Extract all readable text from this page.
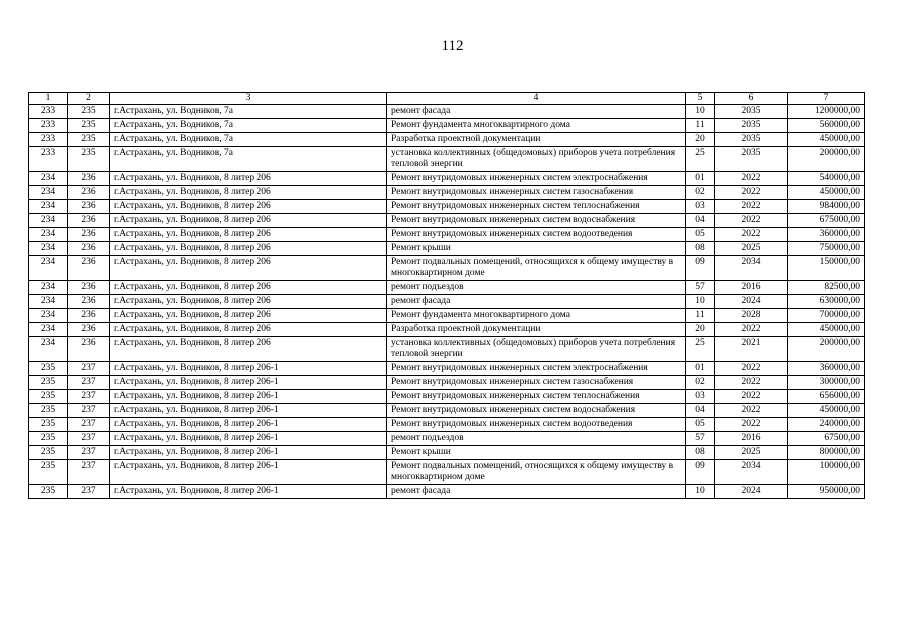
112
1	2	3	4	5	6	7
233	235	г.Астрахань, ул. Водников, 7а	ремонт фасада	10	2035	1200000,00
233	235	г.Астрахань, ул. Водников, 7а	Ремонт фундамента многоквартирного дома	11	2035	560000,00
233	235	г.Астрахань, ул. Водников, 7а	Разработка проектной документации	20	2035	450000,00
233	235	г.Астрахань, ул. Водников, 7а	установка коллективных (общедомовых) приборов учета потребления тепловой энергии	25	2035	200000,00
234	236	г.Астрахань, ул. Водников, 8 литер 206	Ремонт внутридомовых инженерных систем электроснабжения	01	2022	540000,00
234	236	г.Астрахань, ул. Водников, 8 литер 206	Ремонт внутридомовых инженерных систем газоснабжения	02	2022	450000,00
234	236	г.Астрахань, ул. Водников, 8 литер 206	Ремонт внутридомовых инженерных систем теплоснабжения	03	2022	984000,00
234	236	г.Астрахань, ул. Водников, 8 литер 206	Ремонт внутридомовых инженерных систем водоснабжения	04	2022	675000,00
234	236	г.Астрахань, ул. Водников, 8 литер 206	Ремонт внутридомовых инженерных систем водоотведения	05	2022	360000,00
234	236	г.Астрахань, ул. Водников, 8 литер 206	Ремонт крыши	08	2025	750000,00
234	236	г.Астрахань, ул. Водников, 8 литер 206	Ремонт подвальных помещений, относящихся к общему имуществу в многоквартирном доме	09	2034	150000,00
234	236	г.Астрахань, ул. Водников, 8 литер 206	ремонт подъездов	57	2016	82500,00
234	236	г.Астрахань, ул. Водников, 8 литер 206	ремонт фасада	10	2024	630000,00
234	236	г.Астрахань, ул. Водников, 8 литер 206	Ремонт фундамента многоквартирного дома	11	2028	700000,00
234	236	г.Астрахань, ул. Водников, 8 литер 206	Разработка проектной документации	20	2022	450000,00
234	236	г.Астрахань, ул. Водников, 8 литер 206	установка коллективных (общедомовых) приборов учета потребления тепловой энергии	25	2021	200000,00
235	237	г.Астрахань, ул. Водников, 8 литер 206-1	Ремонт внутридомовых инженерных систем электроснабжения	01	2022	360000,00
235	237	г.Астрахань, ул. Водников, 8 литер 206-1	Ремонт внутридомовых инженерных систем газоснабжения	02	2022	300000,00
235	237	г.Астрахань, ул. Водников, 8 литер 206-1	Ремонт внутридомовых инженерных систем теплоснабжения	03	2022	656000,00
235	237	г.Астрахань, ул. Водников, 8 литер 206-1	Ремонт внутридомовых инженерных систем водоснабжения	04	2022	450000,00
235	237	г.Астрахань, ул. Водников, 8 литер 206-1	Ремонт внутридомовых инженерных систем водоотведения	05	2022	240000,00
235	237	г.Астрахань, ул. Водников, 8 литер 206-1	ремонт подъездов	57	2016	67500,00
235	237	г.Астрахань, ул. Водников, 8 литер 206-1	Ремонт крыши	08	2025	800000,00
235	237	г.Астрахань, ул. Водников, 8 литер 206-1	Ремонт подвальных помещений, относящихся к общему имуществу в многоквартирном доме	09	2034	100000,00
235	237	г.Астрахань, ул. Водников, 8 литер 206-1	ремонт фасада	10	2024	950000,00
